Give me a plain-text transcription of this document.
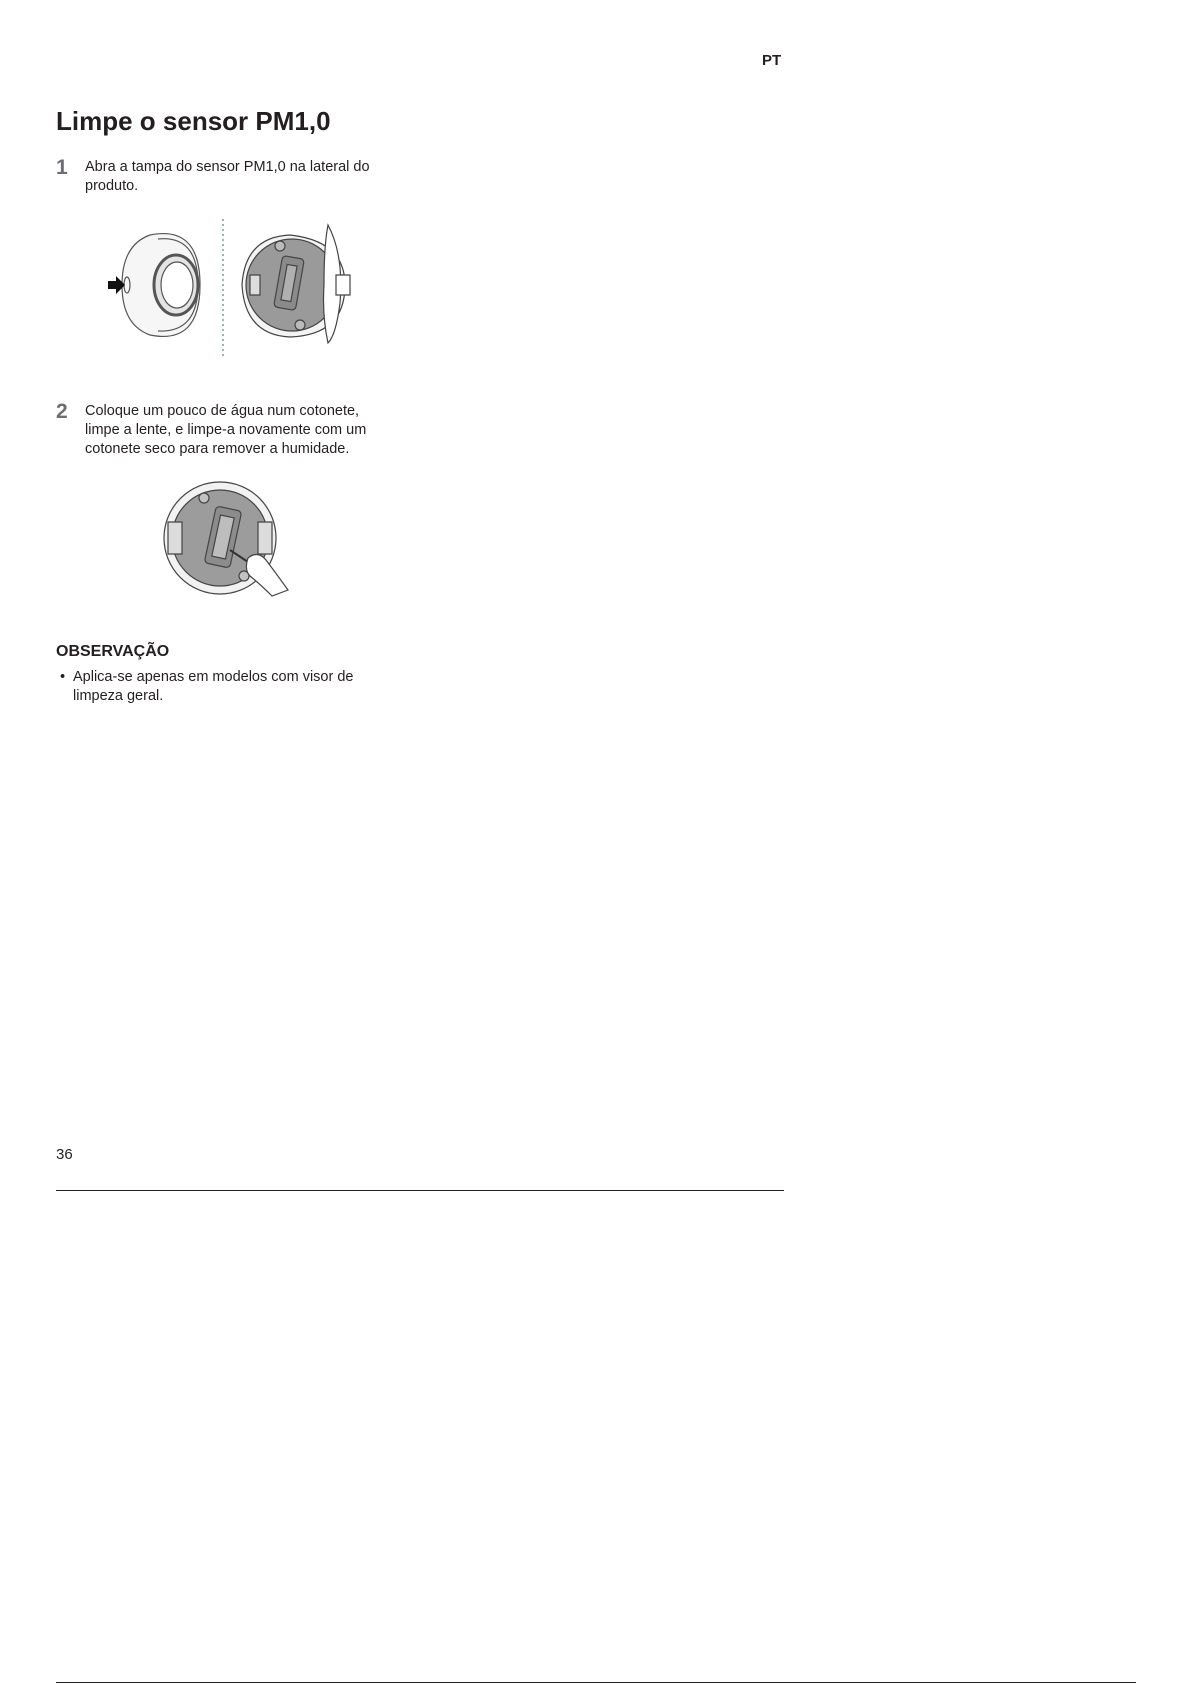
PT
Limpe o sensor PM1,0
1 Abra a tampa do sensor PM1,0 na lateral do produto.
2 Coloque um pouco de água num cotonete, limpe a lente, e limpe-a novamente com um cotonete seco para remover a humidade.
OBSERVAÇÃO
• Aplica-se apenas em modelos com visor de limpeza geral.
36
